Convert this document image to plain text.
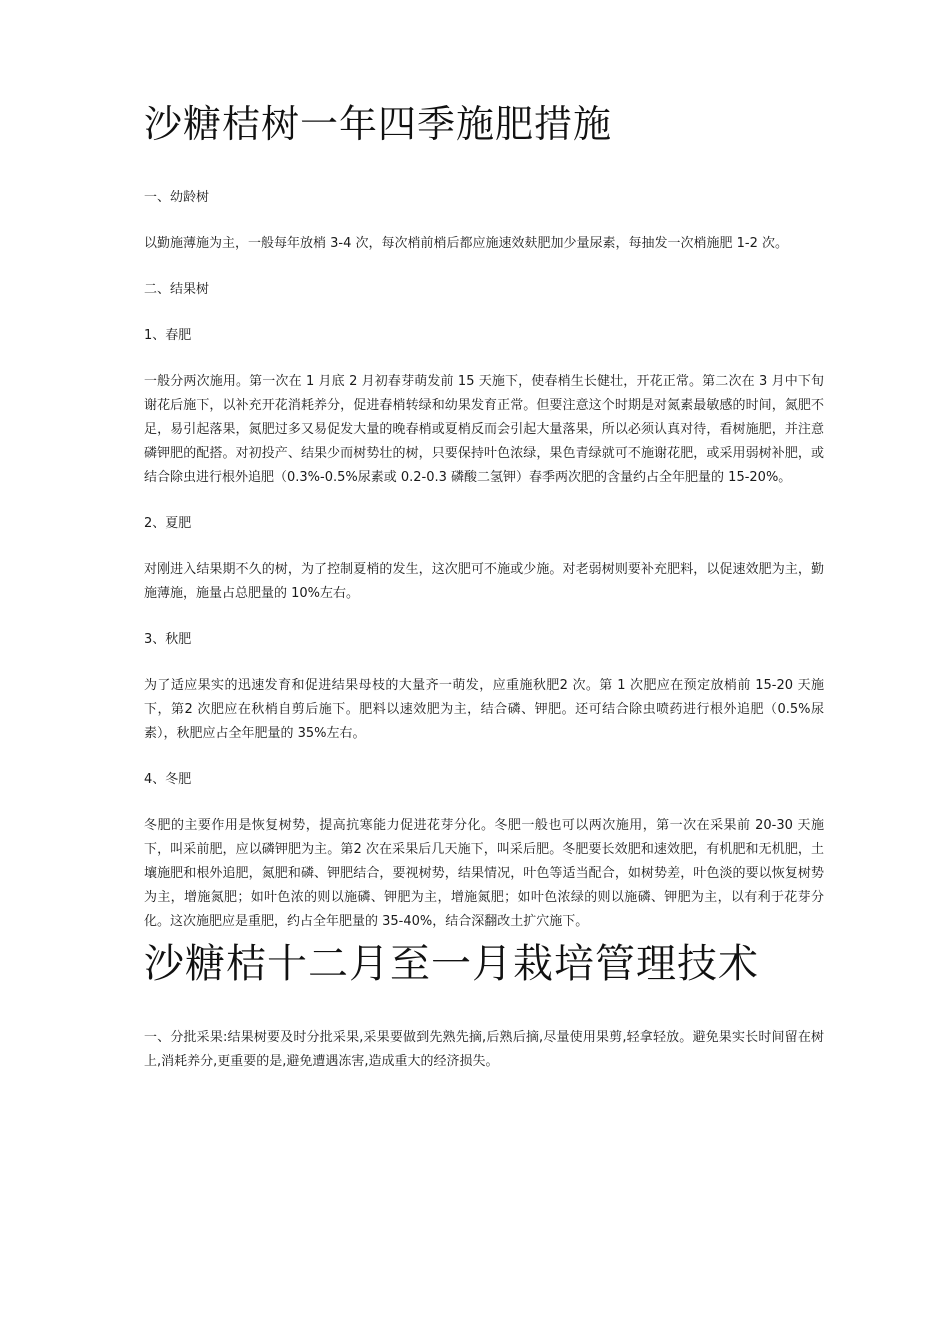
沙糖桔树一年四季施肥措施

一、幼龄树

以勤施薄施为主，一般每年放梢 3-4 次，每次梢前梢后都应施速效麸肥加少量尿素，每抽发一次梢施肥 1-2 次。

二、结果树

1、春肥

一般分两次施用。第一次在 1 月底 2 月初春芽萌发前 15 天施下，使春梢生长健壮，开花正常。第二次在 3 月中下旬谢花后施下，以补充开花消耗养分，促进春梢转绿和幼果发育正常。但要注意这个时期是对氮素最敏感的时间，氮肥不足，易引起落果，氮肥过多又易促发大量的晚春梢或夏梢反而会引起大量落果，所以必须认真对待，看树施肥，并注意磷钾肥的配搭。对初投产、结果少而树势壮的树，只要保持叶色浓绿，果色青绿就可不施谢花肥，或采用弱树补肥，或结合除虫进行根外追肥（0.3%-0.5%尿素或 0.2-0.3 磷酸二氢钾）春季两次肥的含量约占全年肥量的 15-20%。

2、夏肥

对刚进入结果期不久的树，为了控制夏梢的发生，这次肥可不施或少施。对老弱树则要补充肥料，以促速效肥为主，勤施薄施，施量占总肥量的 10%左右。

3、秋肥

为了适应果实的迅速发育和促进结果母枝的大量齐一萌发，应重施秋肥2 次。第 1 次肥应在预定放梢前 15-20 天施下，第2 次肥应在秋梢自剪后施下。肥料以速效肥为主，结合磷、钾肥。还可结合除虫喷药进行根外追肥（0.5%尿素），秋肥应占全年肥量的 35%左右。

4、冬肥

冬肥的主要作用是恢复树势，提高抗寒能力促进花芽分化。冬肥一般也可以两次施用，第一次在采果前 20-30 天施下，叫采前肥，应以磷钾肥为主。第2 次在采果后几天施下，叫采后肥。冬肥要长效肥和速效肥，有机肥和无机肥，土壤施肥和根外追肥，氮肥和磷、钾肥结合，要视树势，结果情况，叶色等适当配合，如树势差，叶色淡的要以恢复树势为主，增施氮肥；如叶色浓的则以施磷、钾肥为主，增施氮肥；如叶色浓绿的则以施磷、钾肥为主，以有利于花芽分化。这次施肥应是重肥，约占全年肥量的 35-40%，结合深翻改土扩穴施下。

沙糖桔十二月至一月栽培管理技术

一、分批采果:结果树要及时分批采果,采果要做到先熟先摘,后熟后摘,尽量使用果剪,轻拿轻放。避免果实长时间留在树上,消耗养分,更重要的是,避免遭遇冻害,造成重大的经济损失。
